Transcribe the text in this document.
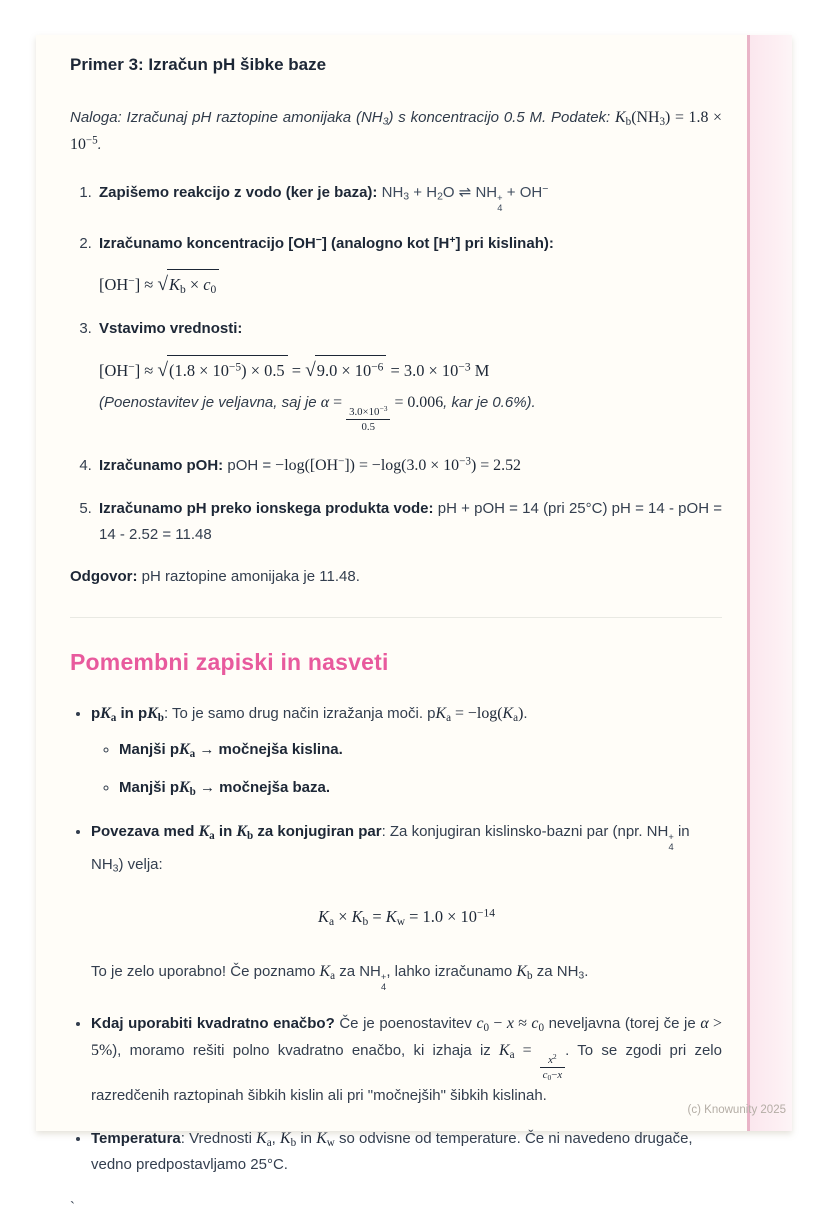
Primer 3: Izračun pH šibke baze

Naloga: Izračunaj pH raztopine amonijaka $(NH_3)$ s koncentracijo 0.5 M. Podatek: $K_b(NH_3) = 1.8 \times 10^{-5}$.

1. Zapišemo reakcijo z vodo (ker je baza): $NH_3 + H_2O$ ⇌ NH +
4
+ OH−
2. Izračunamo koncentracijo [OH−] (analogno kot [H+] pri kislinah):
$[OH^-] \approx √K_b \times c_0$
3. Vstavimo vrednosti:
$[OH^-] \approx √(1.8 \times 10^{-5}) \times 0.5 = √9.0 \times 10^{-6} = 3.0 \times 10^{-3}$ M

(Poenostavitev je veljavna, saj je α =
$\frac{3.0\times 10^{-3}}{0.5}$
= 0.006, kar je 0.6%).

4. Izračunamo pOH: pOH = $-\log([OH^-]) = -\log(3.0 \times 10^{-3}) = 2.52$
5. Izračunamo pH preko ionskega produkta vode: pH + pOH = 14 (pri 25°C) pH = 14 - pOH = 14 - 2.52 = 11.48

Odgovor: pH raztopine amonijaka je 11.48.

Pomembni zapiski in nasveti
• $pK_a$ in $pK_b$: To je samo drug način izražanja moči. $pK_a = -\log(K_a)$.
◦ Manjši $pK_a$ → močnejša kislina.
◦ Manjši $pK_b$ → močnejša baza.
• Povezava med $K_a$ in $K_b$ za konjugiran par: Za konjugiran kislinsko-bazni par (npr. NH +
4
in $NH_3$) velja:
$K_a \times K_b = K_w = 1.0 \times 10^{-14}$

To je zelo uporabno! Če poznamo $K_a$ za NH +
4
, lahko izračunamo $K_b$ za $NH_3$.

• Kdaj uporabiti kvadratno enačbo? Če je poenostavitev $c_0 - x \approx c_0$ neveljavna (torej če je α > 5%), moramo rešiti polno kvadratno enačbo, ki izhaja iz $K_a$ =
$\frac{x^2}{c_0-x}$
. To se zgodi pri zelo razredčenih raztopinah šibkih kislin ali pri "močnejših" šibkih kislinah.
• Temperatura: Vrednosti $K_a$, $K_b$ in $K_w$ so odvisne od temperature. Če ni navedeno drugače, vedno predpostavljamo 25°C.
`
(c) Knowunity 2025
